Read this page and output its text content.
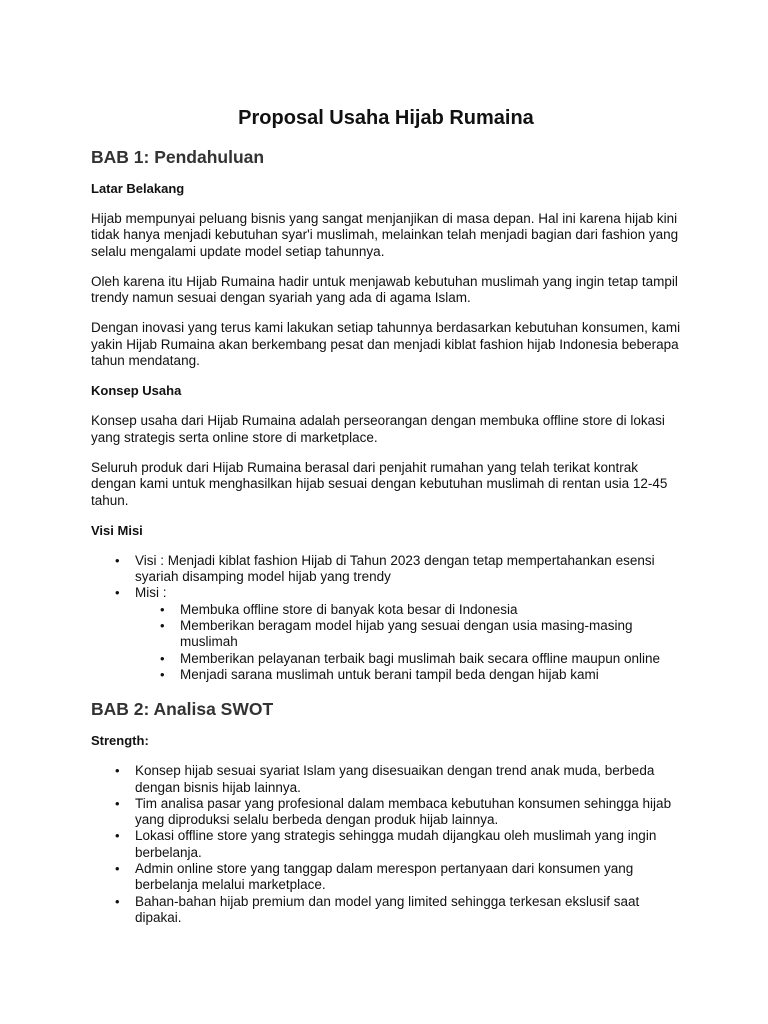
Proposal Usaha Hijab Rumaina
BAB 1: Pendahuluan
Latar Belakang

Hijab mempunyai peluang bisnis yang sangat menjanjikan di masa depan. Hal ini karena hijab kini tidak hanya menjadi kebutuhan syar'i muslimah, melainkan telah menjadi bagian dari fashion yang selalu mengalami update model setiap tahunnya.

Oleh karena itu Hijab Rumaina hadir untuk menjawab kebutuhan muslimah yang ingin tetap tampil trendy namun sesuai dengan syariah yang ada di agama Islam.

Dengan inovasi yang terus kami lakukan setiap tahunnya berdasarkan kebutuhan konsumen, kami yakin Hijab Rumaina akan berkembang pesat dan menjadi kiblat fashion hijab Indonesia beberapa tahun mendatang.

Konsep Usaha

Konsep usaha dari Hijab Rumaina adalah perseorangan dengan membuka offline store di lokasi yang strategis serta online store di marketplace.

Seluruh produk dari Hijab Rumaina berasal dari penjahit rumahan yang telah terikat kontrak dengan kami untuk menghasilkan hijab sesuai dengan kebutuhan muslimah di rentan usia 12-45 tahun.

Visi Misi
• Visi : Menjadi kiblat fashion Hijab di Tahun 2023 dengan tetap mempertahankan esensi syariah disamping model hijab yang trendy
• Misi :
• Membuka offline store di banyak kota besar di Indonesia
• Memberikan beragam model hijab yang sesuai dengan usia masing-masing muslimah
• Memberikan pelayanan terbaik bagi muslimah baik secara offline maupun online
• Menjadi sarana muslimah untuk berani tampil beda dengan hijab kami
BAB 2: Analisa SWOT
Strength:
• Konsep hijab sesuai syariat Islam yang disesuaikan dengan trend anak muda, berbeda dengan bisnis hijab lainnya.
• Tim analisa pasar yang profesional dalam membaca kebutuhan konsumen sehingga hijab yang diproduksi selalu berbeda dengan produk hijab lainnya.
• Lokasi offline store yang strategis sehingga mudah dijangkau oleh muslimah yang ingin berbelanja.
• Admin online store yang tanggap dalam merespon pertanyaan dari konsumen yang berbelanja melalui marketplace.
• Bahan-bahan hijab premium dan model yang limited sehingga terkesan ekslusif saat dipakai.
